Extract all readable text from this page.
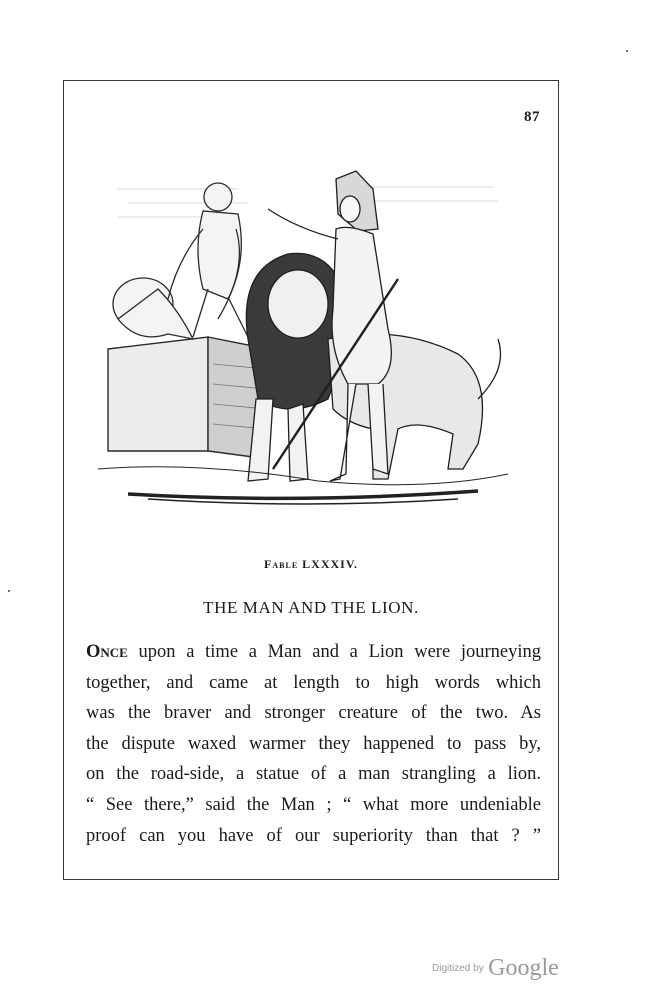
87
Fable LXXXIV.
THE MAN AND THE LION.
Once upon a time a Man and a Lion were journeying
together, and came at length to high words which
was the braver and stronger creature of the two. As
the dispute waxed warmer they happened to pass by,
on the road-side, a statue of a man strangling a lion.
“ See there,” said the Man ; “ what more undeniable
proof can you have of our superiority than that ? ”
Digitized by Google
